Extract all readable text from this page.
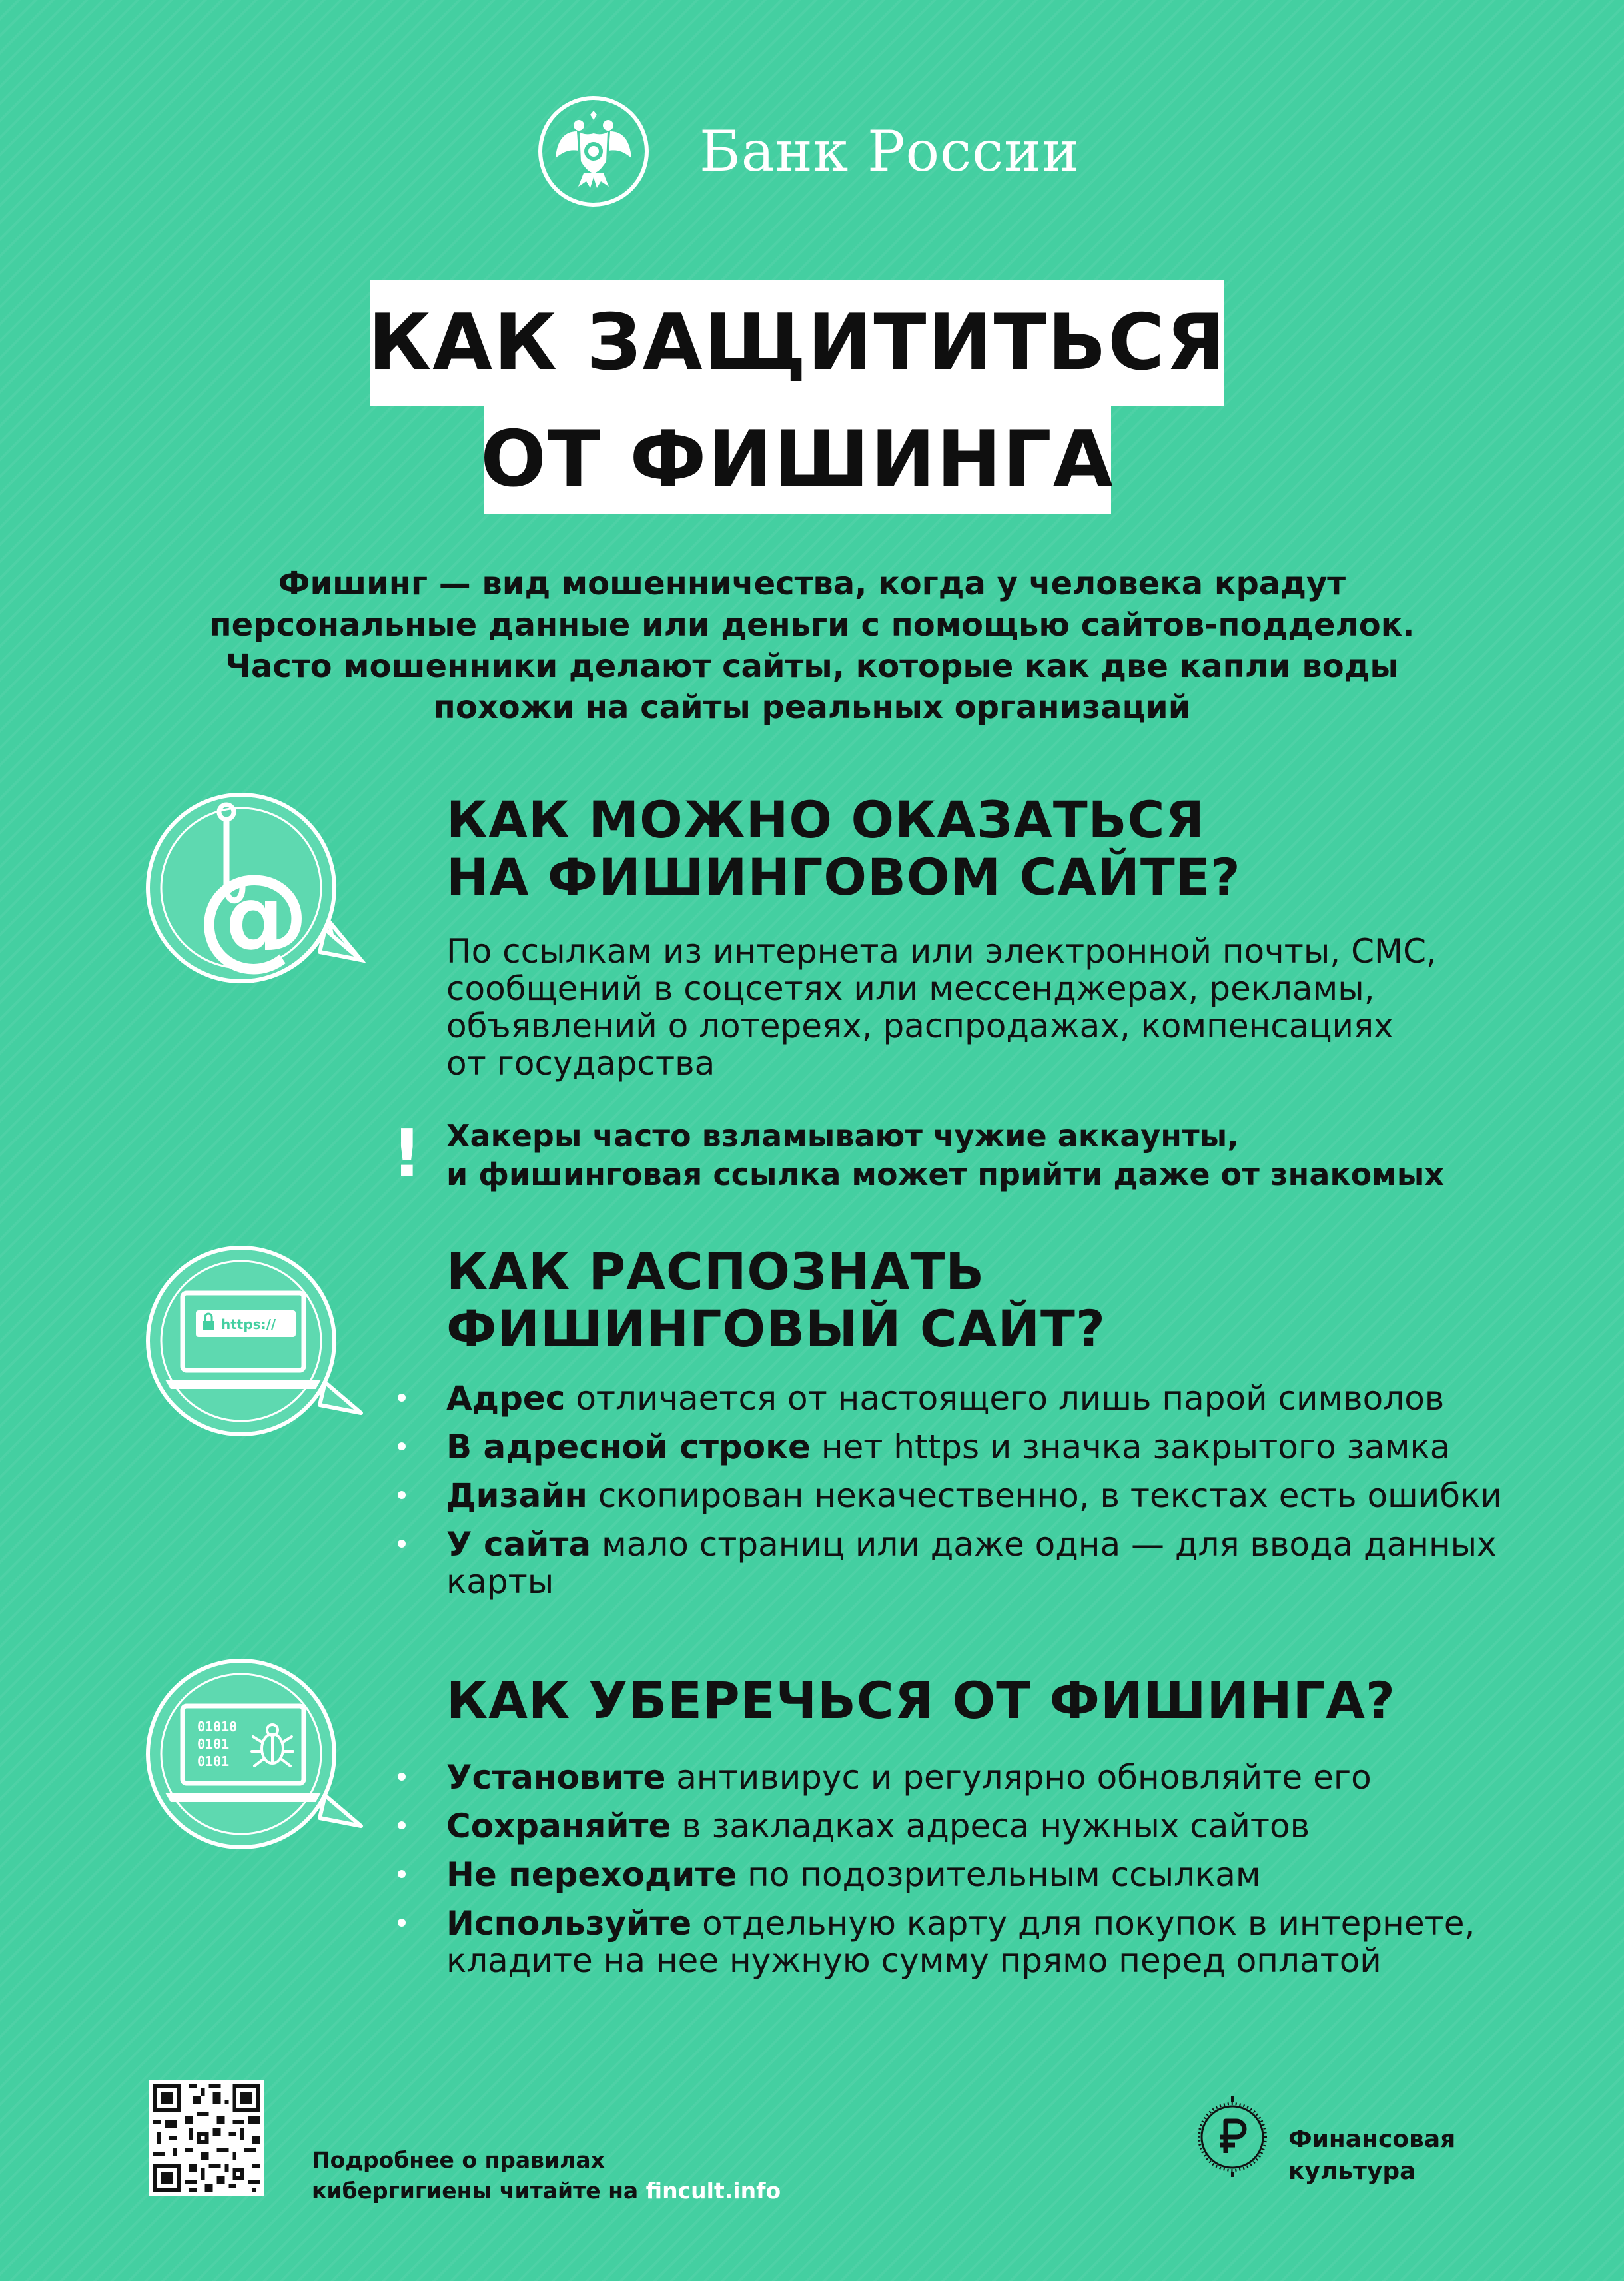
Банк России
КАК ЗАЩИТИТЬСЯ
ОТ ФИШИНГА
Фишинг — вид мошенничества, когда у человека крадут
персональные данные или деньги с помощью сайтов-подделок.
Часто мошенники делают сайты, которые как две капли воды
похожи на сайты реальных организаций
@
КАК МОЖНО ОКАЗАТЬСЯ
НА ФИШИНГОВОМ САЙТЕ?
По ссылкам из интернета или электронной почты, СМС,
сообщений в соцсетях или мессенджерах, рекламы,
объявлений о лотереях, распродажах, компенсациях
от государства
! Хакеры часто взламывают чужие аккаунты,
и фишинговая ссылка может прийти даже от знакомых
https://
КАК РАСПОЗНАТЬ
ФИШИНГОВЫЙ САЙТ?
Адрес отличается от настоящего лишь парой символов
В адресной строке нет https и значка закрытого замка
Дизайн скопирован некачественно, в текстах есть ошибки
У сайта мало страниц или даже одна — для ввода данных
карты
01010
0101
0101
КАК УБЕРЕЧЬСЯ ОТ ФИШИНГА?
Установите антивирус и регулярно обновляйте его
Сохраняйте в закладках адреса нужных сайтов
Не переходите по подозрительным ссылкам
Используйте отдельную карту для покупок в интернете,
кладите на нее нужную сумму прямо перед оплатой
Подробнее о правилах
кибергигиены читайте на fincult.info
Финансовая
культура
